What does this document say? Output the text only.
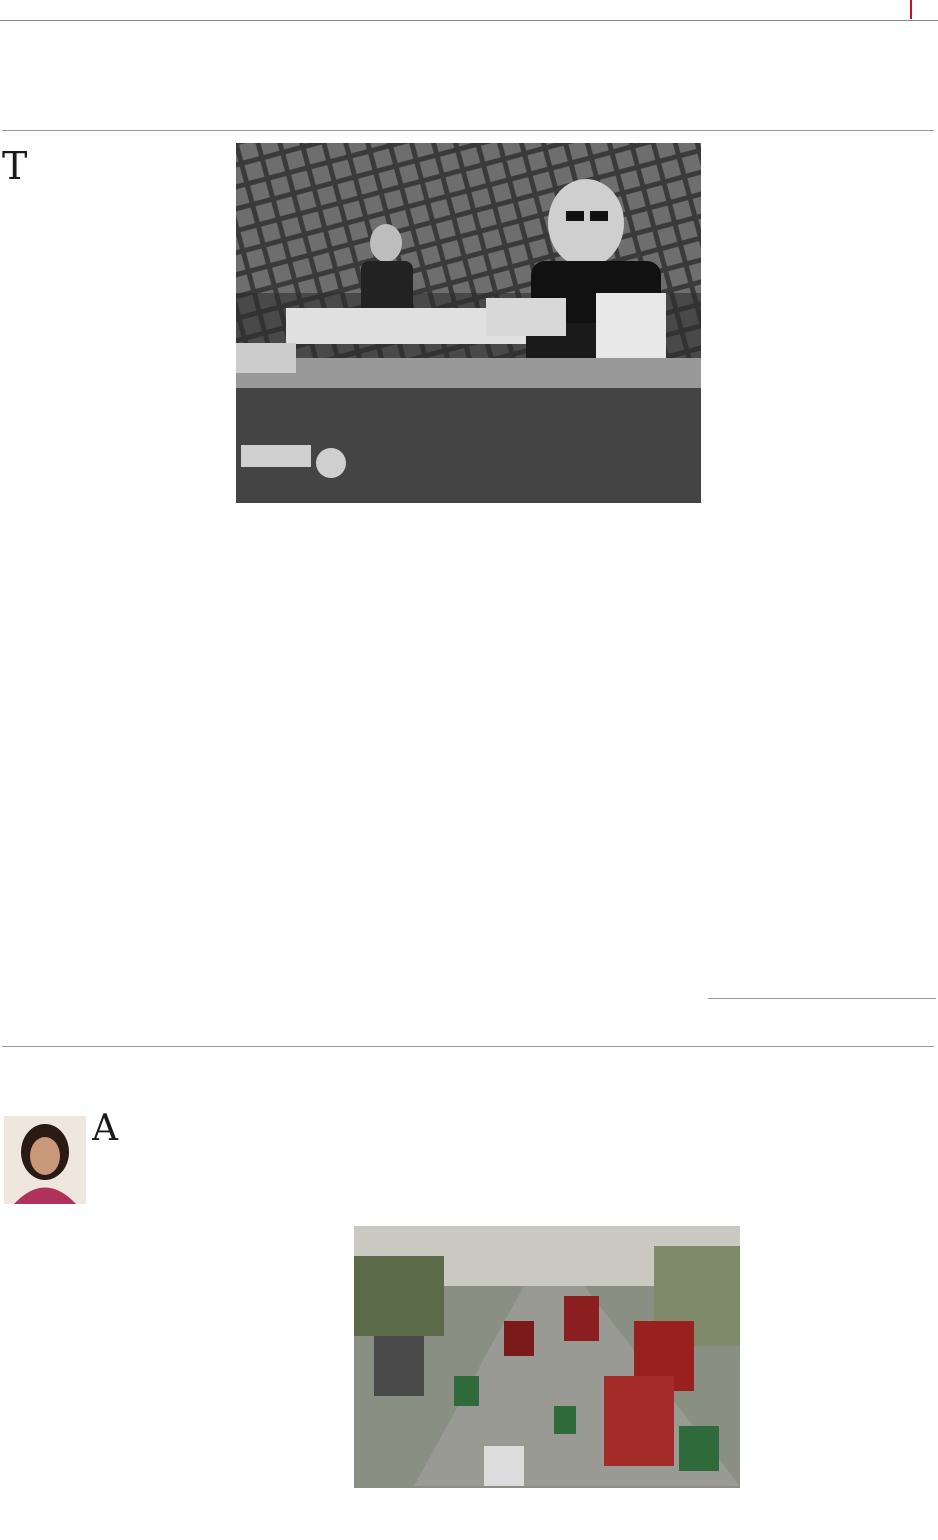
T

A
